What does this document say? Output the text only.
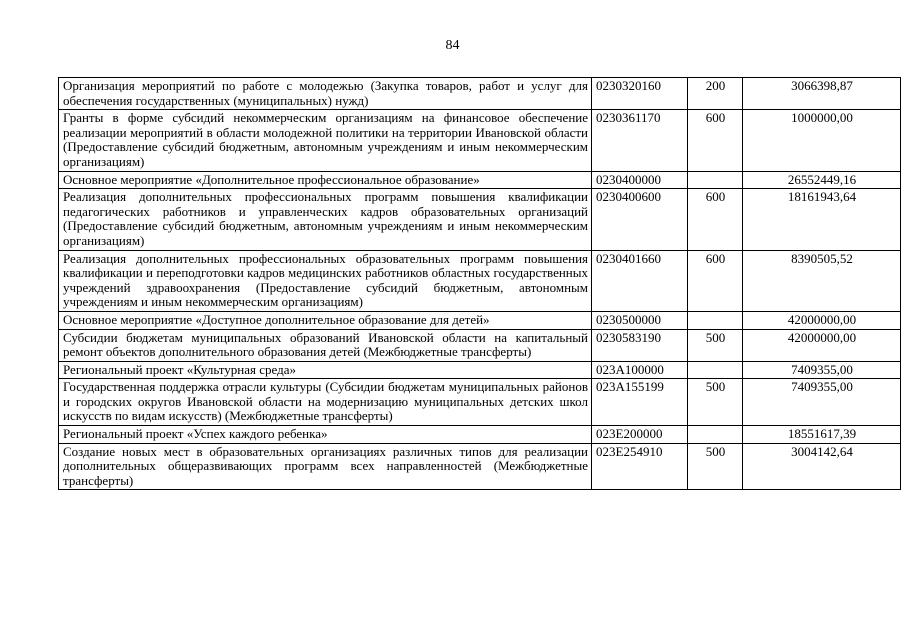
84
Организация мероприятий по работе с молодежью (Закупка товаров, работ и услуг для обеспечения государственных (муниципальных) нужд)	0230320160	200	3066398,87
Гранты в форме субсидий некоммерческим организациям на финансовое обеспечение реализации мероприятий в области молодежной политики на территории Ивановской области (Предоставление субсидий бюджетным, автономным учреждениям и иным некоммерческим организациям)	0230361170	600	1000000,00
Основное мероприятие «Дополнительное профессиональное образование»	0230400000		26552449,16
Реализация дополнительных профессиональных программ повышения квалификации педагогических работников и управленческих кадров образовательных организаций (Предоставление субсидий бюджетным, автономным учреждениям и иным некоммерческим организациям)	0230400600	600	18161943,64
Реализация дополнительных профессиональных образовательных программ повышения квалификации и переподготовки кадров медицинских работников областных государственных учреждений здравоохранения (Предоставление субсидий бюджетным, автономным учреждениям и иным некоммерческим организациям)	0230401660	600	8390505,52
Основное мероприятие «Доступное дополнительное образование для детей»	0230500000		42000000,00
Субсидии бюджетам муниципальных образований Ивановской области на капитальный ремонт объектов дополнительного образования детей (Межбюджетные трансферты)	0230583190	500	42000000,00
Региональный проект «Культурная среда»	023A100000		7409355,00
Государственная поддержка отрасли культуры (Субсидии бюджетам муниципальных районов и городских округов Ивановской области на модернизацию муниципальных детских школ искусств по видам искусств) (Межбюджетные трансферты)	023A155199	500	7409355,00
Региональный проект «Успех каждого ребенка»	023E200000		18551617,39
Создание новых мест в образовательных организациях различных типов для реализации дополнительных общеразвивающих программ всех направленностей (Межбюджетные трансферты)	023E254910	500	3004142,64
